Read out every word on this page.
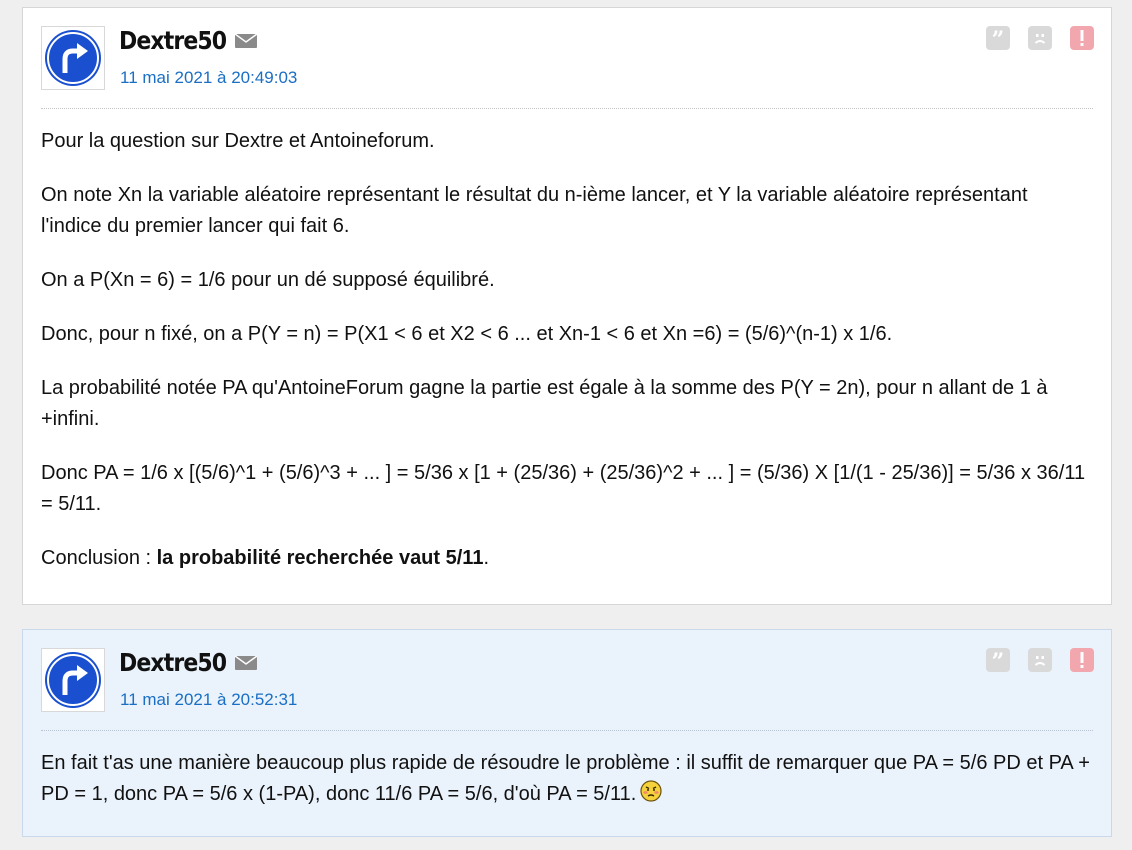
Dextre50
11 mai 2021 à 20:49:03
”

Pour la question sur Dextre et Antoineforum.

On note Xn la variable aléatoire représentant le résultat du n-ième lancer, et Y la variable aléatoire représentant l'indice du premier lancer qui fait 6.

On a P(Xn = 6) = 1/6 pour un dé supposé équilibré.

Donc, pour n fixé, on a P(Y = n) = P(X1 < 6 et X2 < 6 ... et Xn-1 < 6 et Xn =6) = (5/6)^(n-1) x 1/6.

La probabilité notée PA qu'AntoineForum gagne la partie est égale à la somme des P(Y = 2n), pour n allant de 1 à +infini.

Donc PA = 1/6 x [(5/6)^1 + (5/6)^3 + ... ] = 5/36 x [1 + (25/36) + (25/36)^2 + ... ] = (5/36) X [1/(1 - 25/36)] = 5/36 x 36/11 = 5/11.

Conclusion : la probabilité recherchée vaut 5/11.

Dextre50
11 mai 2021 à 20:52:31
”

En fait t'as une manière beaucoup plus rapide de résoudre le problème : il suffit de remarquer que PA = 5/6 PD et PA + PD = 1, donc PA = 5/6 x (1-PA), donc 11/6 PA = 5/6, d'où PA = 5/11.
